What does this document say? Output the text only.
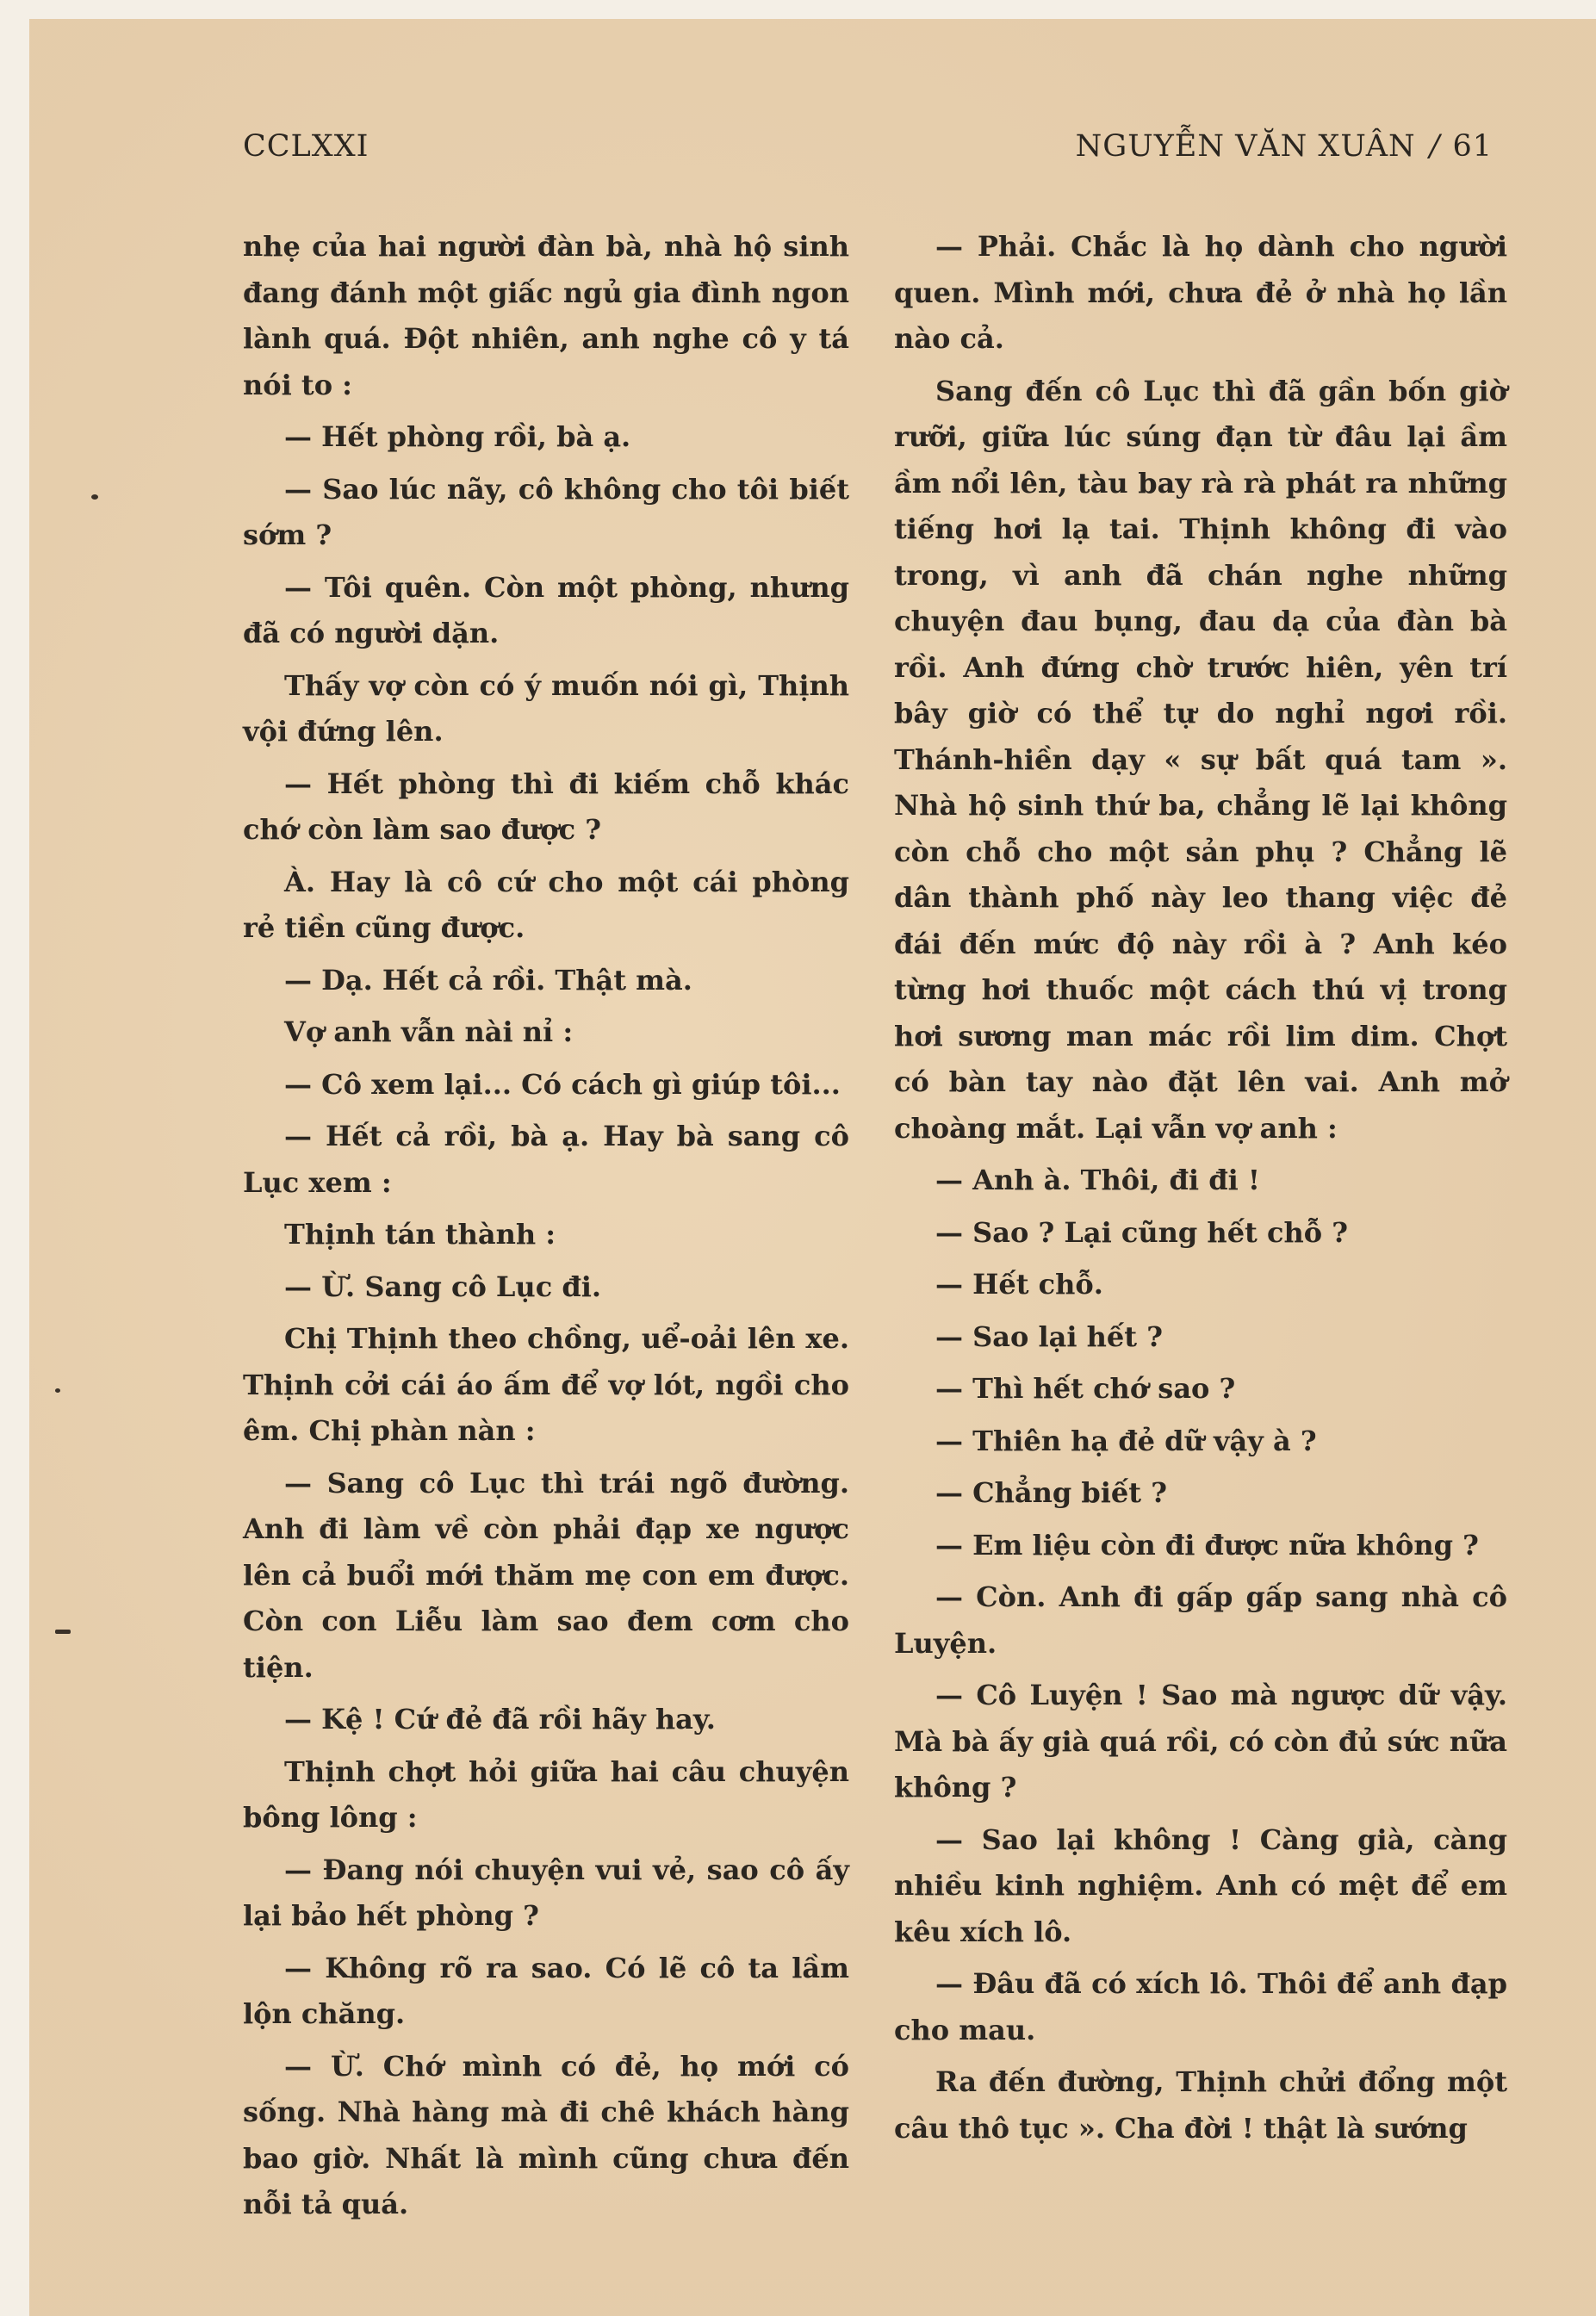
CCLXXI	NGUYỄN VĂN XUÂN / 61

nhẹ của hai người đàn bà, nhà hộ sinh đang đánh một giấc ngủ gia đình ngon lành quá. Đột nhiên, anh nghe cô y tá nói to :

— Hết phòng rồi, bà ạ.

— Sao lúc nãy, cô không cho tôi biết sớm ?

— Tôi quên. Còn một phòng, nhưng đã có người dặn.

Thấy vợ còn có ý muốn nói gì, Thịnh vội đứng lên.

— Hết phòng thì đi kiếm chỗ khác chớ còn làm sao được ?

À. Hay là cô cứ cho một cái phòng rẻ tiền cũng được.

— Dạ. Hết cả rồi. Thật mà.

Vợ anh vẫn nài nỉ :

— Cô xem lại... Có cách gì giúp tôi...

— Hết cả rồi, bà ạ. Hay bà sang cô Lục xem :

Thịnh tán thành :

— Ừ. Sang cô Lục đi.

Chị Thịnh theo chồng, uể-oải lên xe. Thịnh cởi cái áo ấm để vợ lót, ngồi cho êm. Chị phàn nàn :

— Sang cô Lục thì trái ngõ đường. Anh đi làm về còn phải đạp xe ngược lên cả buổi mới thăm mẹ con em được. Còn con Liễu làm sao đem cơm cho tiện.

— Kệ ! Cứ đẻ đã rồi hãy hay.

Thịnh chợt hỏi giữa hai câu chuyện bông lông :

— Đang nói chuyện vui vẻ, sao cô ấy lại bảo hết phòng ?

— Không rõ ra sao. Có lẽ cô ta lầm lộn chăng.

— Ừ. Chớ mình có đẻ, họ mới có sống. Nhà hàng mà đi chê khách hàng bao giờ. Nhất là mình cũng chưa đến nỗi tả quá.

— Phải. Chắc là họ dành cho người quen. Mình mới, chưa đẻ ở nhà họ lần nào cả.

Sang đến cô Lục thì đã gần bốn giờ rưỡi, giữa lúc súng đạn từ đâu lại ầm ầm nổi lên, tàu bay rà rà phát ra những tiếng hơi lạ tai. Thịnh không đi vào trong, vì anh đã chán nghe những chuyện đau bụng, đau dạ của đàn bà rồi. Anh đứng chờ trước hiên, yên trí bây giờ có thể tự do nghỉ ngơi rồi. Thánh-hiền dạy « sự bất quá tam ». Nhà hộ sinh thứ ba, chẳng lẽ lại không còn chỗ cho một sản phụ ? Chẳng lẽ dân thành phố này leo thang việc đẻ đái đến mức độ này rồi à ? Anh kéo từng hơi thuốc một cách thú vị trong hơi sương man mác rồi lim dim. Chợt có bàn tay nào đặt lên vai. Anh mở choàng mắt. Lại vẫn vợ anh :

— Anh à. Thôi, đi đi !

— Sao ? Lại cũng hết chỗ ?

— Hết chỗ.

— Sao lại hết ?

— Thì hết chớ sao ?

— Thiên hạ đẻ dữ vậy à ?

— Chẳng biết ?

— Em liệu còn đi được nữa không ?

— Còn. Anh đi gấp gấp sang nhà cô Luyện.

— Cô Luyện ! Sao mà ngược dữ vậy. Mà bà ấy già quá rồi, có còn đủ sức nữa không ?

— Sao lại không ! Càng già, càng nhiều kinh nghiệm. Anh có mệt để em kêu xích lô.

— Đâu đã có xích lô. Thôi để anh đạp cho mau.

Ra đến đường, Thịnh chửi đổng một câu thô tục ». Cha đời ! thật là sướng
